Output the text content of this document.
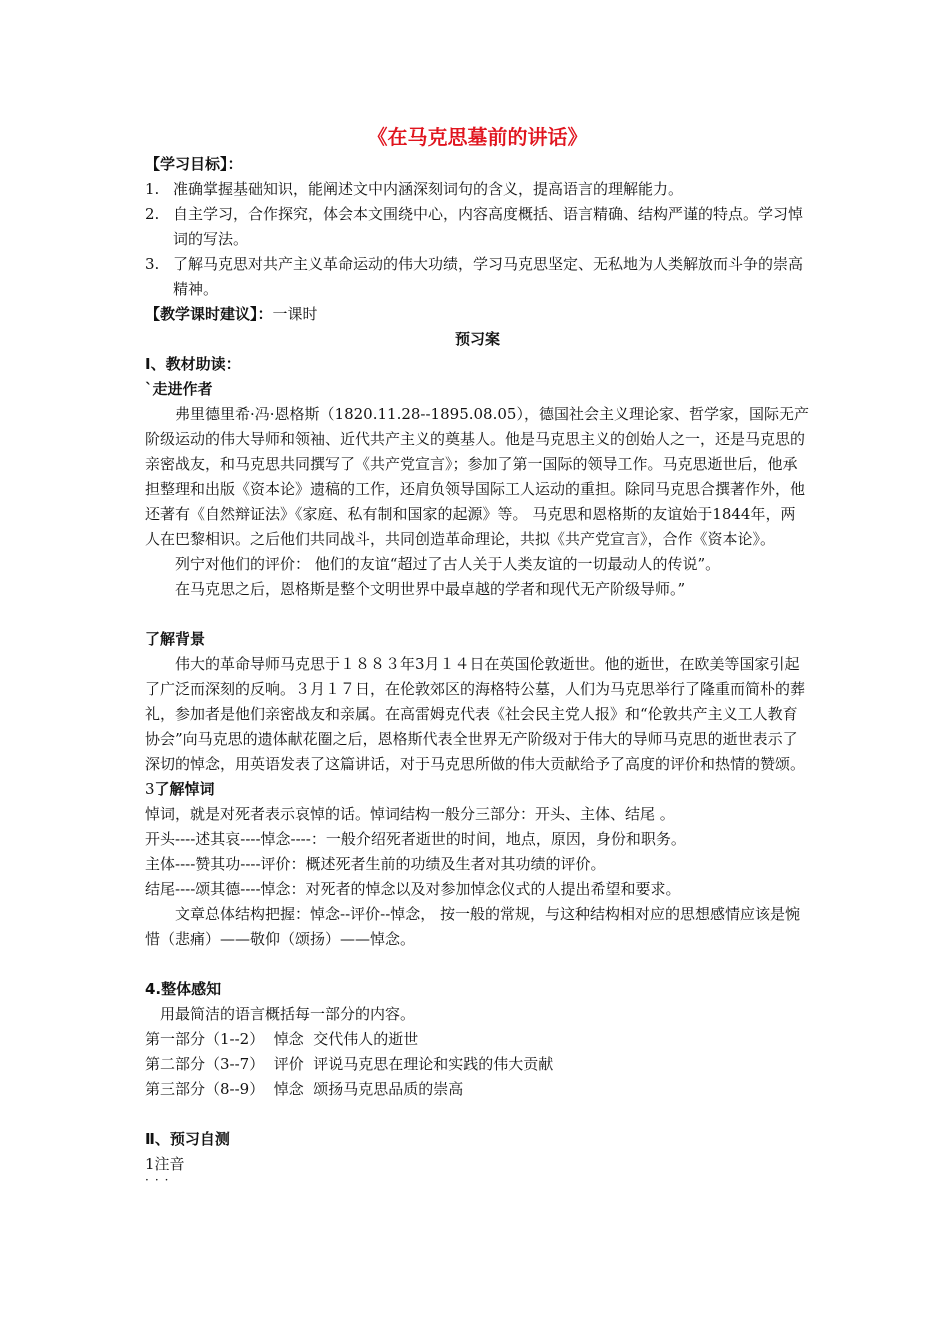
《在马克思墓前的讲话》
【学习目标】：
1. 准确掌握基础知识，能阐述文中内涵深刻词句的含义，提高语言的理解能力。
2. 自主学习，合作探究，体会本文围绕中心，内容高度概括、语言精确、结构严谨的特点。学习悼词的写法。
3. 了解马克思对共产主义革命运动的伟大功绩，学习马克思坚定、无私地为人类解放而斗争的崇高精神。
【教学课时建议】：一课时
预习案
Ⅰ、教材助读：
`走进作者

弗里德里希·冯·恩格斯（1820.11.28--1895.08.05），德国社会主义理论家、哲学家，国际无产阶级运动的伟大导师和领袖、近代共产主义的奠基人。他是马克思主义的创始人之一，还是马克思的亲密战友，和马克思共同撰写了《共产党宣言》；参加了第一国际的领导工作。马克思逝世后，他承担整理和出版《资本论》遗稿的工作，还肩负领导国际工人运动的重担。除同马克思合撰著作外，他还著有《自然辩证法》《家庭、私有制和国家的起源》等。 马克思和恩格斯的友谊始于1844年，两人在巴黎相识。之后他们共同战斗，共同创造革命理论，共拟《共产党宣言》，合作《资本论》。

列宁对他们的评价： 他们的友谊“超过了古人关于人类友谊的一切最动人的传说”。

在马克思之后，恩格斯是整个文明世界中最卓越的学者和现代无产阶级导师。”

了解背景

伟大的革命导师马克思于１８８３年3月１４日在英国伦敦逝世。他的逝世，在欧美等国家引起了广泛而深刻的反响。３月１７日，在伦敦郊区的海格特公墓，人们为马克思举行了隆重而简朴的葬礼，参加者是他们亲密战友和亲属。在高雷姆克代表《社会民主党人报》和“伦敦共产主义工人教育协会”向马克思的遗体献花圈之后，恩格斯代表全世界无产阶级对于伟大的导师马克思的逝世表示了深切的悼念，用英语发表了这篇讲话，对于马克思所做的伟大贡献给予了高度的评价和热情的赞颂。

3了解悼词

悼词，就是对死者表示哀悼的话。悼词结构一般分三部分：开头、主体、结尾 。

开头----述其哀----悼念----：一般介绍死者逝世的时间，地点，原因，身份和职务。

主体----赞其功----评价：概述死者生前的功绩及生者对其功绩的评价。

结尾----颂其德----悼念：对死者的悼念以及对参加悼念仪式的人提出希望和要求。

文章总体结构把握：悼念--评价--悼念， 按一般的常规，与这种结构相对应的思想感情应该是惋惜（悲痛）——敬仰（颂扬）——悼念。

4.整体感知

用最简洁的语言概括每一部分的内容。

第一部分（1--2）  悼念  交代伟人的逝世

第二部分（3--7）  评价  评说马克思在理论和实践的伟大贡献

第三部分（8--9）  悼念  颂扬马克思品质的崇高

Ⅱ、预习自测
1注音
···
